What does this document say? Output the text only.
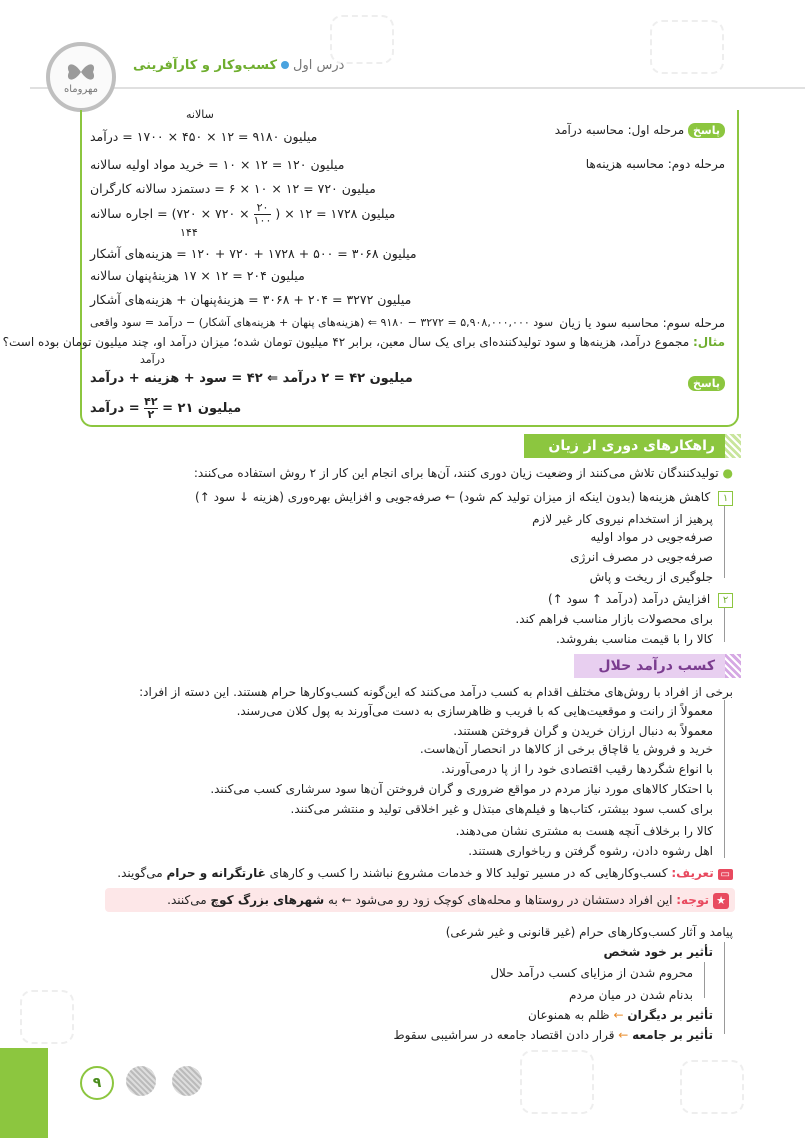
مهروماه
درس اولکسب‌وکار و کارآفرینی
پاسخ مرحله اول: محاسبه درآمد
سالانه
میلیون ۹۱۸۰ = ۱۲ × ۴۵۰ × ۱۷۰۰ = درآمد
مرحله دوم: محاسبه هزینه‌ها
میلیون ۱۲۰ = ۱۲ × ۱۰ = خرید مواد اولیه سالانه
میلیون ۷۲۰ = ۱۲ × ۱۰ × ۶ = دستمزد سالانه کارگران
میلیون ۱۷۲۸ = ۱۲ × (
$\frac{۲۰}{۱۰۰}$
× ۷۲۰ × ۷۲۰) = اجاره سالانه
۱۴۴
میلیون ۳۰۶۸ = ۵۰۰ + ۱۷۲۸ + ۷۲۰ + ۱۲۰ = هزینه‌های آشکار
میلیون ۲۰۴ = ۱۲ × ۱۷ هزینهٔ‌پنهان سالانه
میلیون ۳۲۷۲ = ۲۰۴ + ۳۰۶۸ = هزینهٔ‌پنهان + هزینه‌های آشکار
مرحله سوم: محاسبه سود یا زیان
سود ۵,۹۰۸,۰۰۰,۰۰۰ = ۳۲۷۲ − ۹۱۸۰ ⇐ (هزینه‌های پنهان + هزینه‌های آشکار) − درآمد = سود واقعی
مثال: مجموع درآمد، هزینه‌ها و سود تولیدکننده‌ای برای یک سال معین، برابر ۴۲ میلیون تومان شده؛ میزان درآمد او، چند میلیون تومان بوده است؟
درآمد
میلیون ۴۲ = ۲ درآمد ⇐ ۴۲ = سود + هزینه + درآمد	پاسخ
میلیون ۲۱ =
$\frac{۴۲}{۲}$
= درآمد
راهکارهای دوری از زیان
● تولیدکنندگان تلاش می‌کنند از وضعیت زیان دوری کنند، آن‌ها برای انجام این کار از ۲ روش استفاده می‌کنند:
۱ کاهش هزینه‌ها (بدون اینکه از میزان تولید کم شود) ← صرفه‌جویی و افزایش بهره‌وری (هزینه ↓ سود ↑)
پرهیز از استخدام نیروی کار غیر لازم
صرفه‌جویی در مواد اولیه
صرفه‌جویی در مصرف انرژی
جلوگیری از ریخت و پاش
۲ افزایش درآمد (درآمد ↑ سود ↑)
برای محصولات بازار مناسب فراهم کند.
کالا را با قیمت مناسب بفروشد.
کسب درآمد حلال
برخی از افراد با روش‌های مختلف اقدام به کسب درآمد می‌کنند که این‌گونه کسب‌وکارها حرام هستند. این دسته از افراد:
معمولاً از رانت و موقعیت‌هایی که با فریب و ظاهرسازی به دست می‌آورند به پول کلان می‌رسند.
معمولاً به دنبال ارزان خریدن و گران فروختن هستند.
خرید و فروش یا قاچاق برخی از کالاها در انحصار آن‌هاست.
با انواع شگردها رقیب اقتصادی خود را از پا درمی‌آورند.
با احتکار کالاهای مورد نیاز مردم در مواقع ضروری و گران فروختن آن‌ها سود سرشاری کسب می‌کنند.
برای کسب سود بیشتر، کتاب‌ها و فیلم‌های مبتذل و غیر اخلاقی تولید و منتشر می‌کنند.
کالا را برخلاف آنچه هست به مشتری نشان می‌دهند.
اهل رشوه دادن، رشوه گرفتن و رباخواری هستند.
▭ تعریف: کسب‌وکارهایی که در مسیر تولید کالا و خدمات مشروع نباشند را کسب و کارهای غارتگرانه و حرام می‌گویند.
★توجه: این افراد دستشان در روستاها و محله‌های کوچک زود رو می‌شود ← به شهرهای بزرگ کوچ می‌کنند.
پیامد و آثار کسب‌وکارهای حرام (غیر قانونی و غیر شرعی)
تأثیر بر خود شخص
محروم شدن از مزایای کسب درآمد حلال
بدنام شدن در میان مردم
تأثیر بر دیگران ← ظلم به همنوعان
تأثیر بر جامعه ← قرار دادن اقتصاد جامعه در سراشیبی سقوط
۹
